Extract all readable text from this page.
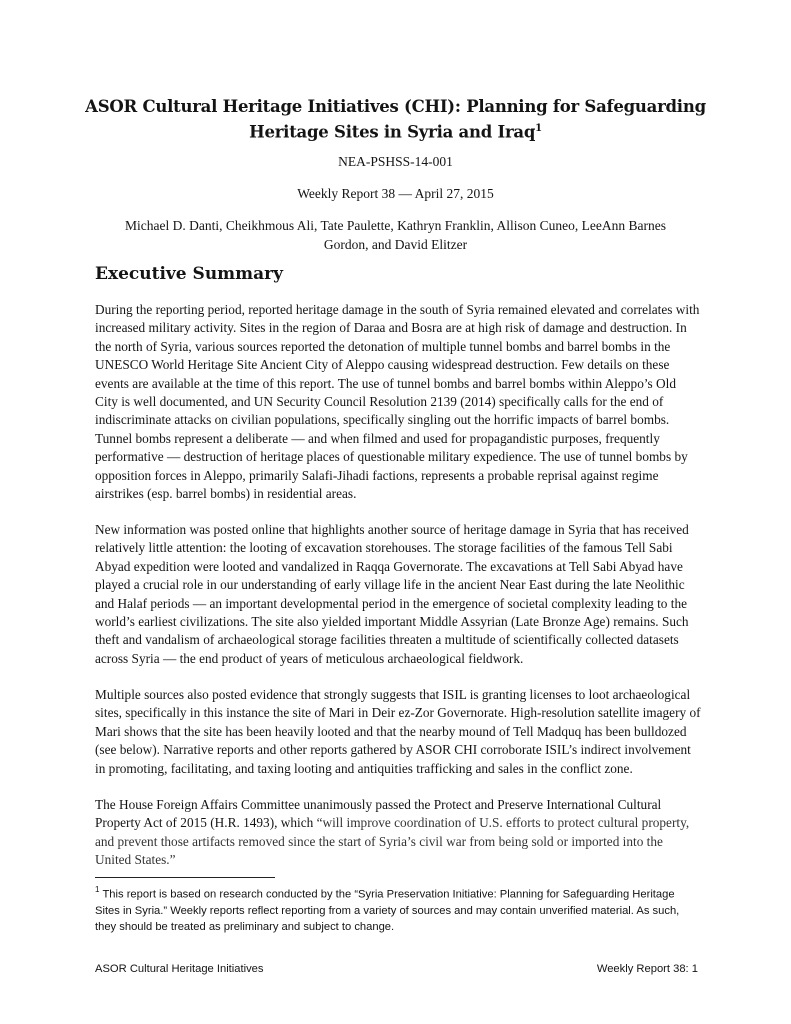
ASOR Cultural Heritage Initiatives (CHI): Planning for Safeguarding
Heritage Sites in Syria and Iraq$^1$
NEA-PSHSS-14-001
Weekly Report 38 — April 27, 2015
Michael D. Danti, Cheikhmous Ali, Tate Paulette, Kathryn Franklin, Allison Cuneo, LeeAnn Barnes
Gordon, and David Elitzer
Executive Summary

During the reporting period, reported heritage damage in the south of Syria remained elevated and correlates with increased military activity. Sites in the region of Daraa and Bosra are at high risk of damage and destruction. In the north of Syria, various sources reported the detonation of multiple tunnel bombs and barrel bombs in the UNESCO World Heritage Site Ancient City of Aleppo causing widespread destruction. Few details on these events are available at the time of this report. The use of tunnel bombs and barrel bombs within Aleppo’s Old City is well documented, and UN Security Council Resolution 2139 (2014) specifically calls for the end of indiscriminate attacks on civilian populations, specifically singling out the horrific impacts of barrel bombs. Tunnel bombs represent a deliberate — and when filmed and used for propagandistic purposes, frequently performative — destruction of heritage places of questionable military expedience. The use of tunnel bombs by opposition forces in Aleppo, primarily Salafi-Jihadi factions, represents a probable reprisal against regime airstrikes (esp. barrel bombs) in residential areas.

New information was posted online that highlights another source of heritage damage in Syria that has received relatively little attention: the looting of excavation storehouses. The storage facilities of the famous Tell Sabi Abyad expedition were looted and vandalized in Raqqa Governorate. The excavations at Tell Sabi Abyad have played a crucial role in our understanding of early village life in the ancient Near East during the late Neolithic and Halaf periods — an important developmental period in the emergence of societal complexity leading to the world’s earliest civilizations. The site also yielded important Middle Assyrian (Late Bronze Age) remains. Such theft and vandalism of archaeological storage facilities threaten a multitude of scientifically collected datasets across Syria — the end product of years of meticulous archaeological fieldwork.

Multiple sources also posted evidence that strongly suggests that ISIL is granting licenses to loot archaeological sites, specifically in this instance the site of Mari in Deir ez-Zor Governorate. High-resolution satellite imagery of Mari shows that the site has been heavily looted and that the nearby mound of Tell Madquq has been bulldozed (see below). Narrative reports and other reports gathered by ASOR CHI corroborate ISIL’s indirect involvement in promoting, facilitating, and taxing looting and antiquities trafficking and sales in the conflict zone.

The House Foreign Affairs Committee unanimously passed the Protect and Preserve International Cultural Property Act of 2015 (H.R. 1493), which “will improve coordination of U.S. efforts to protect cultural property, and prevent those artifacts removed since the start of Syria’s civil war from being sold or imported into the United States.”

$^1$ This report is based on research conducted by the “Syria Preservation Initiative: Planning for Safeguarding Heritage Sites in Syria.” Weekly reports reflect reporting from a variety of sources and may contain unverified material. As such, they should be treated as preliminary and subject to change.
ASOR Cultural Heritage Initiatives	Weekly Report 38: 1
